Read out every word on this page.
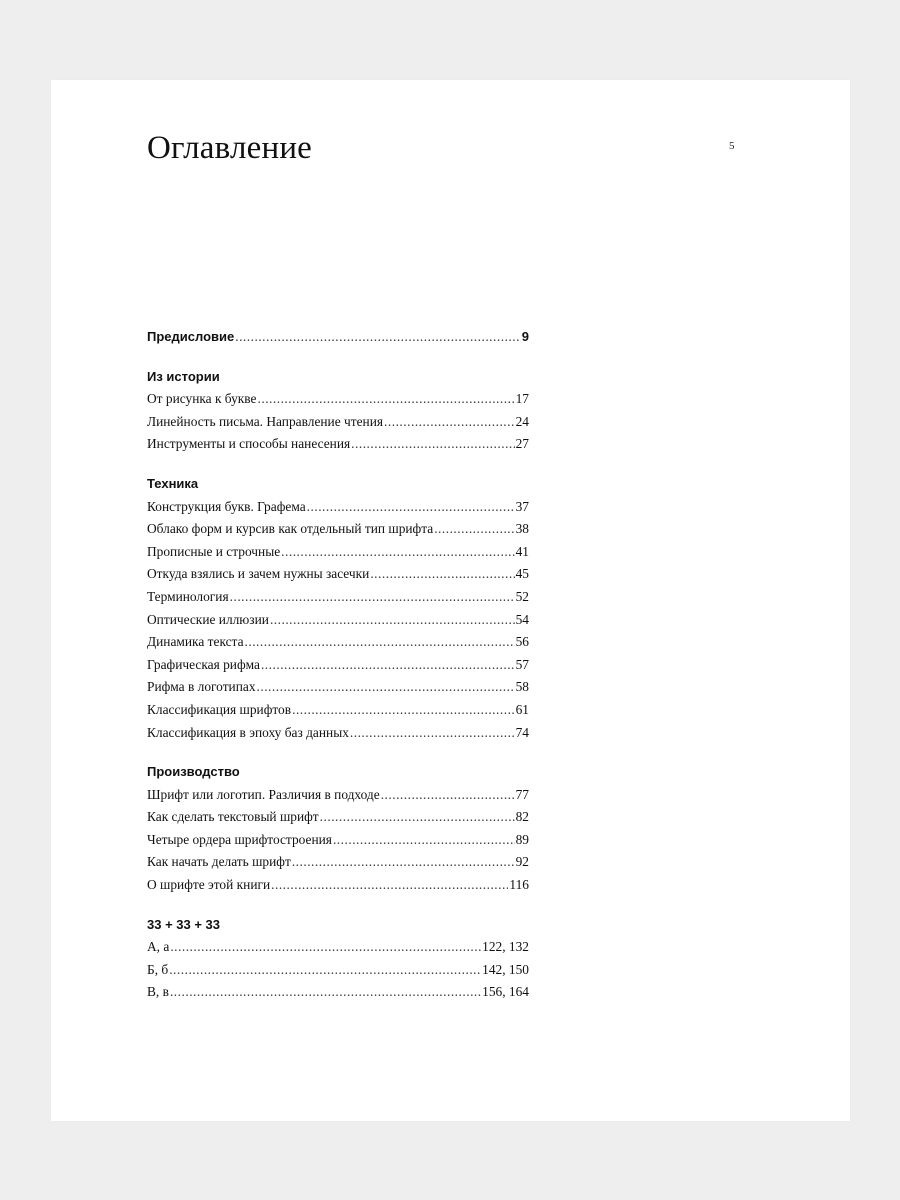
Оглавление	5
Предисловие .....	9
Из истории
От рисунка к букве .....	17
Линейность письма. Направление чтения .....	24
Инструменты и способы нанесения .....	27
Техника
Конструкция букв. Графема .....	37
Облако форм и курсив как отдельный тип шрифта .....	38
Прописные и строчные .....	41
Откуда взялись и зачем нужны засечки .....	45
Терминология .....	52
Оптические иллюзии .....	54
Динамика текста .....	56
Графическая рифма .....	57
Рифма в логотипах .....	58
Классификация шрифтов .....	61
Классификация в эпоху баз данных .....	74
Производство
Шрифт или логотип. Различия в подходе .....	77
Как сделать текстовый шрифт .....	82
Четыре ордера шрифтостроения .....	89
Как начать делать шрифт .....	92
О шрифте этой книги .....	116
33 + 33 + 33
А, а .....	122, 132
Б, б .....	142, 150
В, в .....	156, 164
